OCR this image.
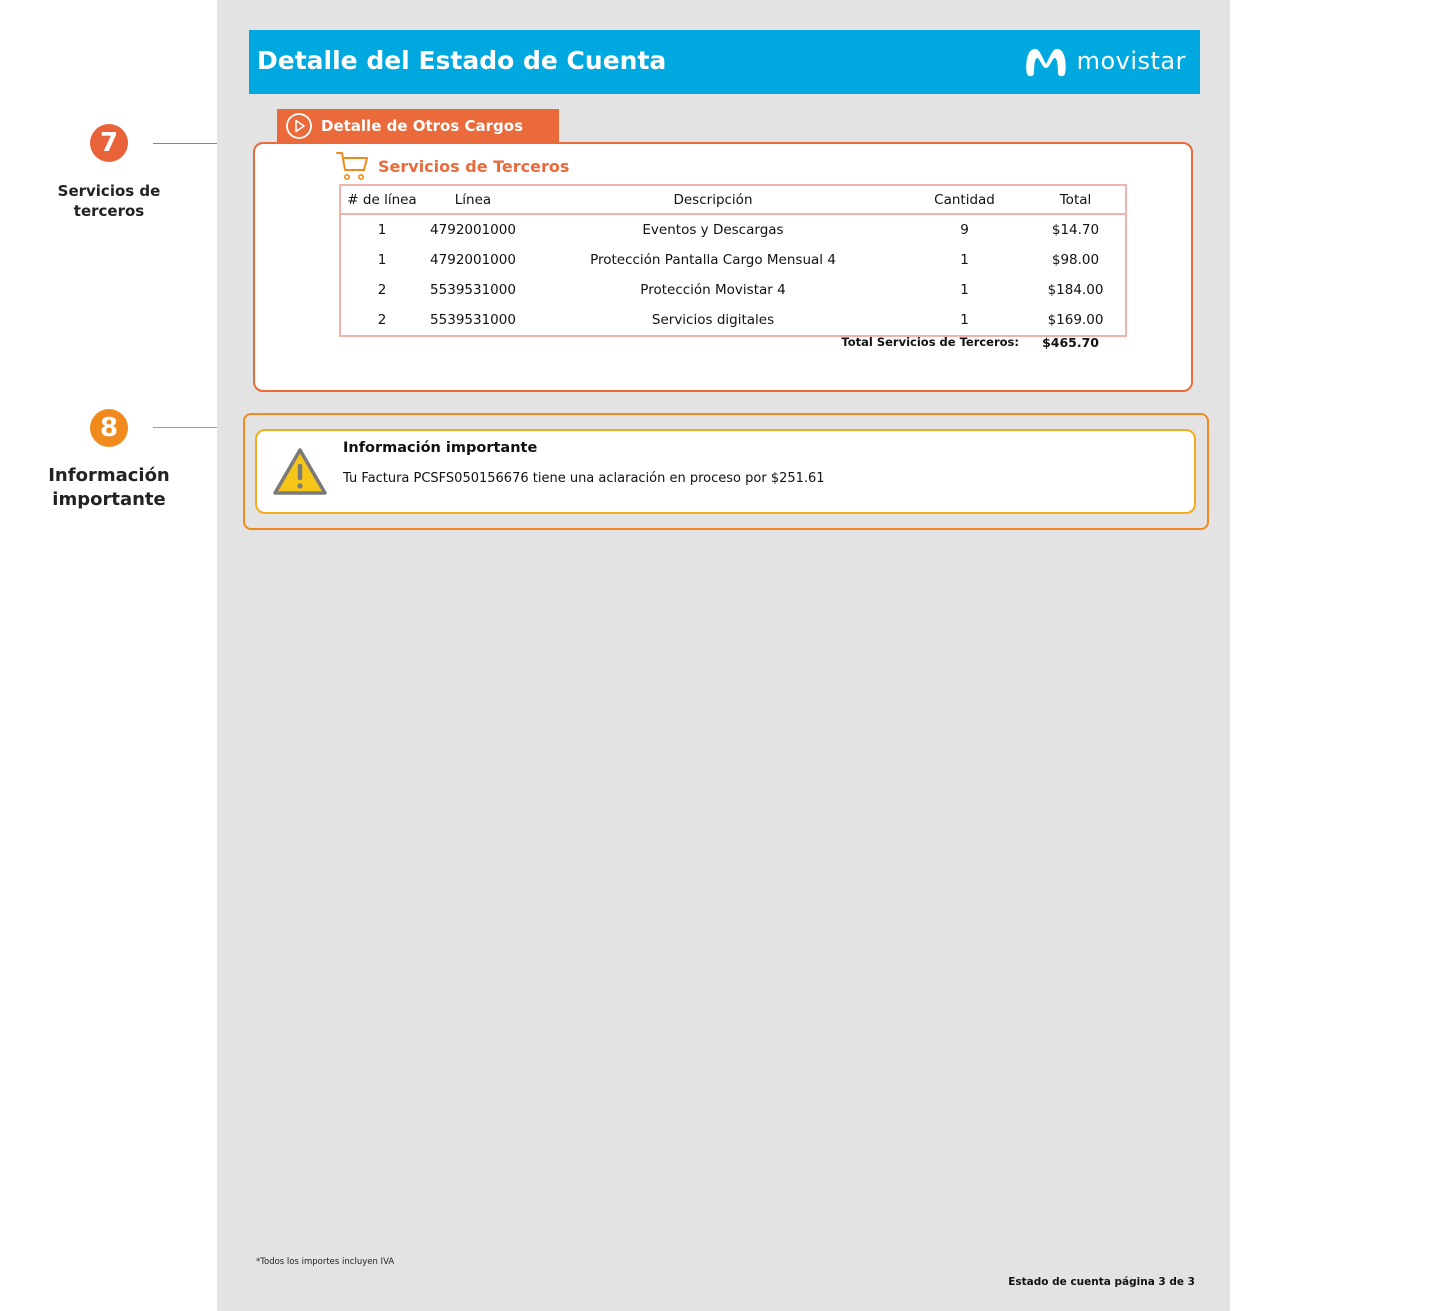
7
Servicios de terceros
8
Información importante
Detalle del Estado de Cuenta	movistar
Detalle de Otros Cargos
Servicios de Terceros
# de línea	Línea	Descripción	Cantidad	Total
1	4792001000	Eventos y Descargas	9	$14.70
1	4792001000	Protección Pantalla Cargo Mensual 4	1	$98.00
2	5539531000	Protección Movistar 4	1	$184.00
2	5539531000	Servicios digitales	1	$169.00
Total Servicios de Terceros: $465.70
Información importante
Tu Factura PCSFS050156676 tiene una aclaración en proceso por $251.61
*Todos los importes incluyen IVA
Estado de cuenta página 3 de 3
